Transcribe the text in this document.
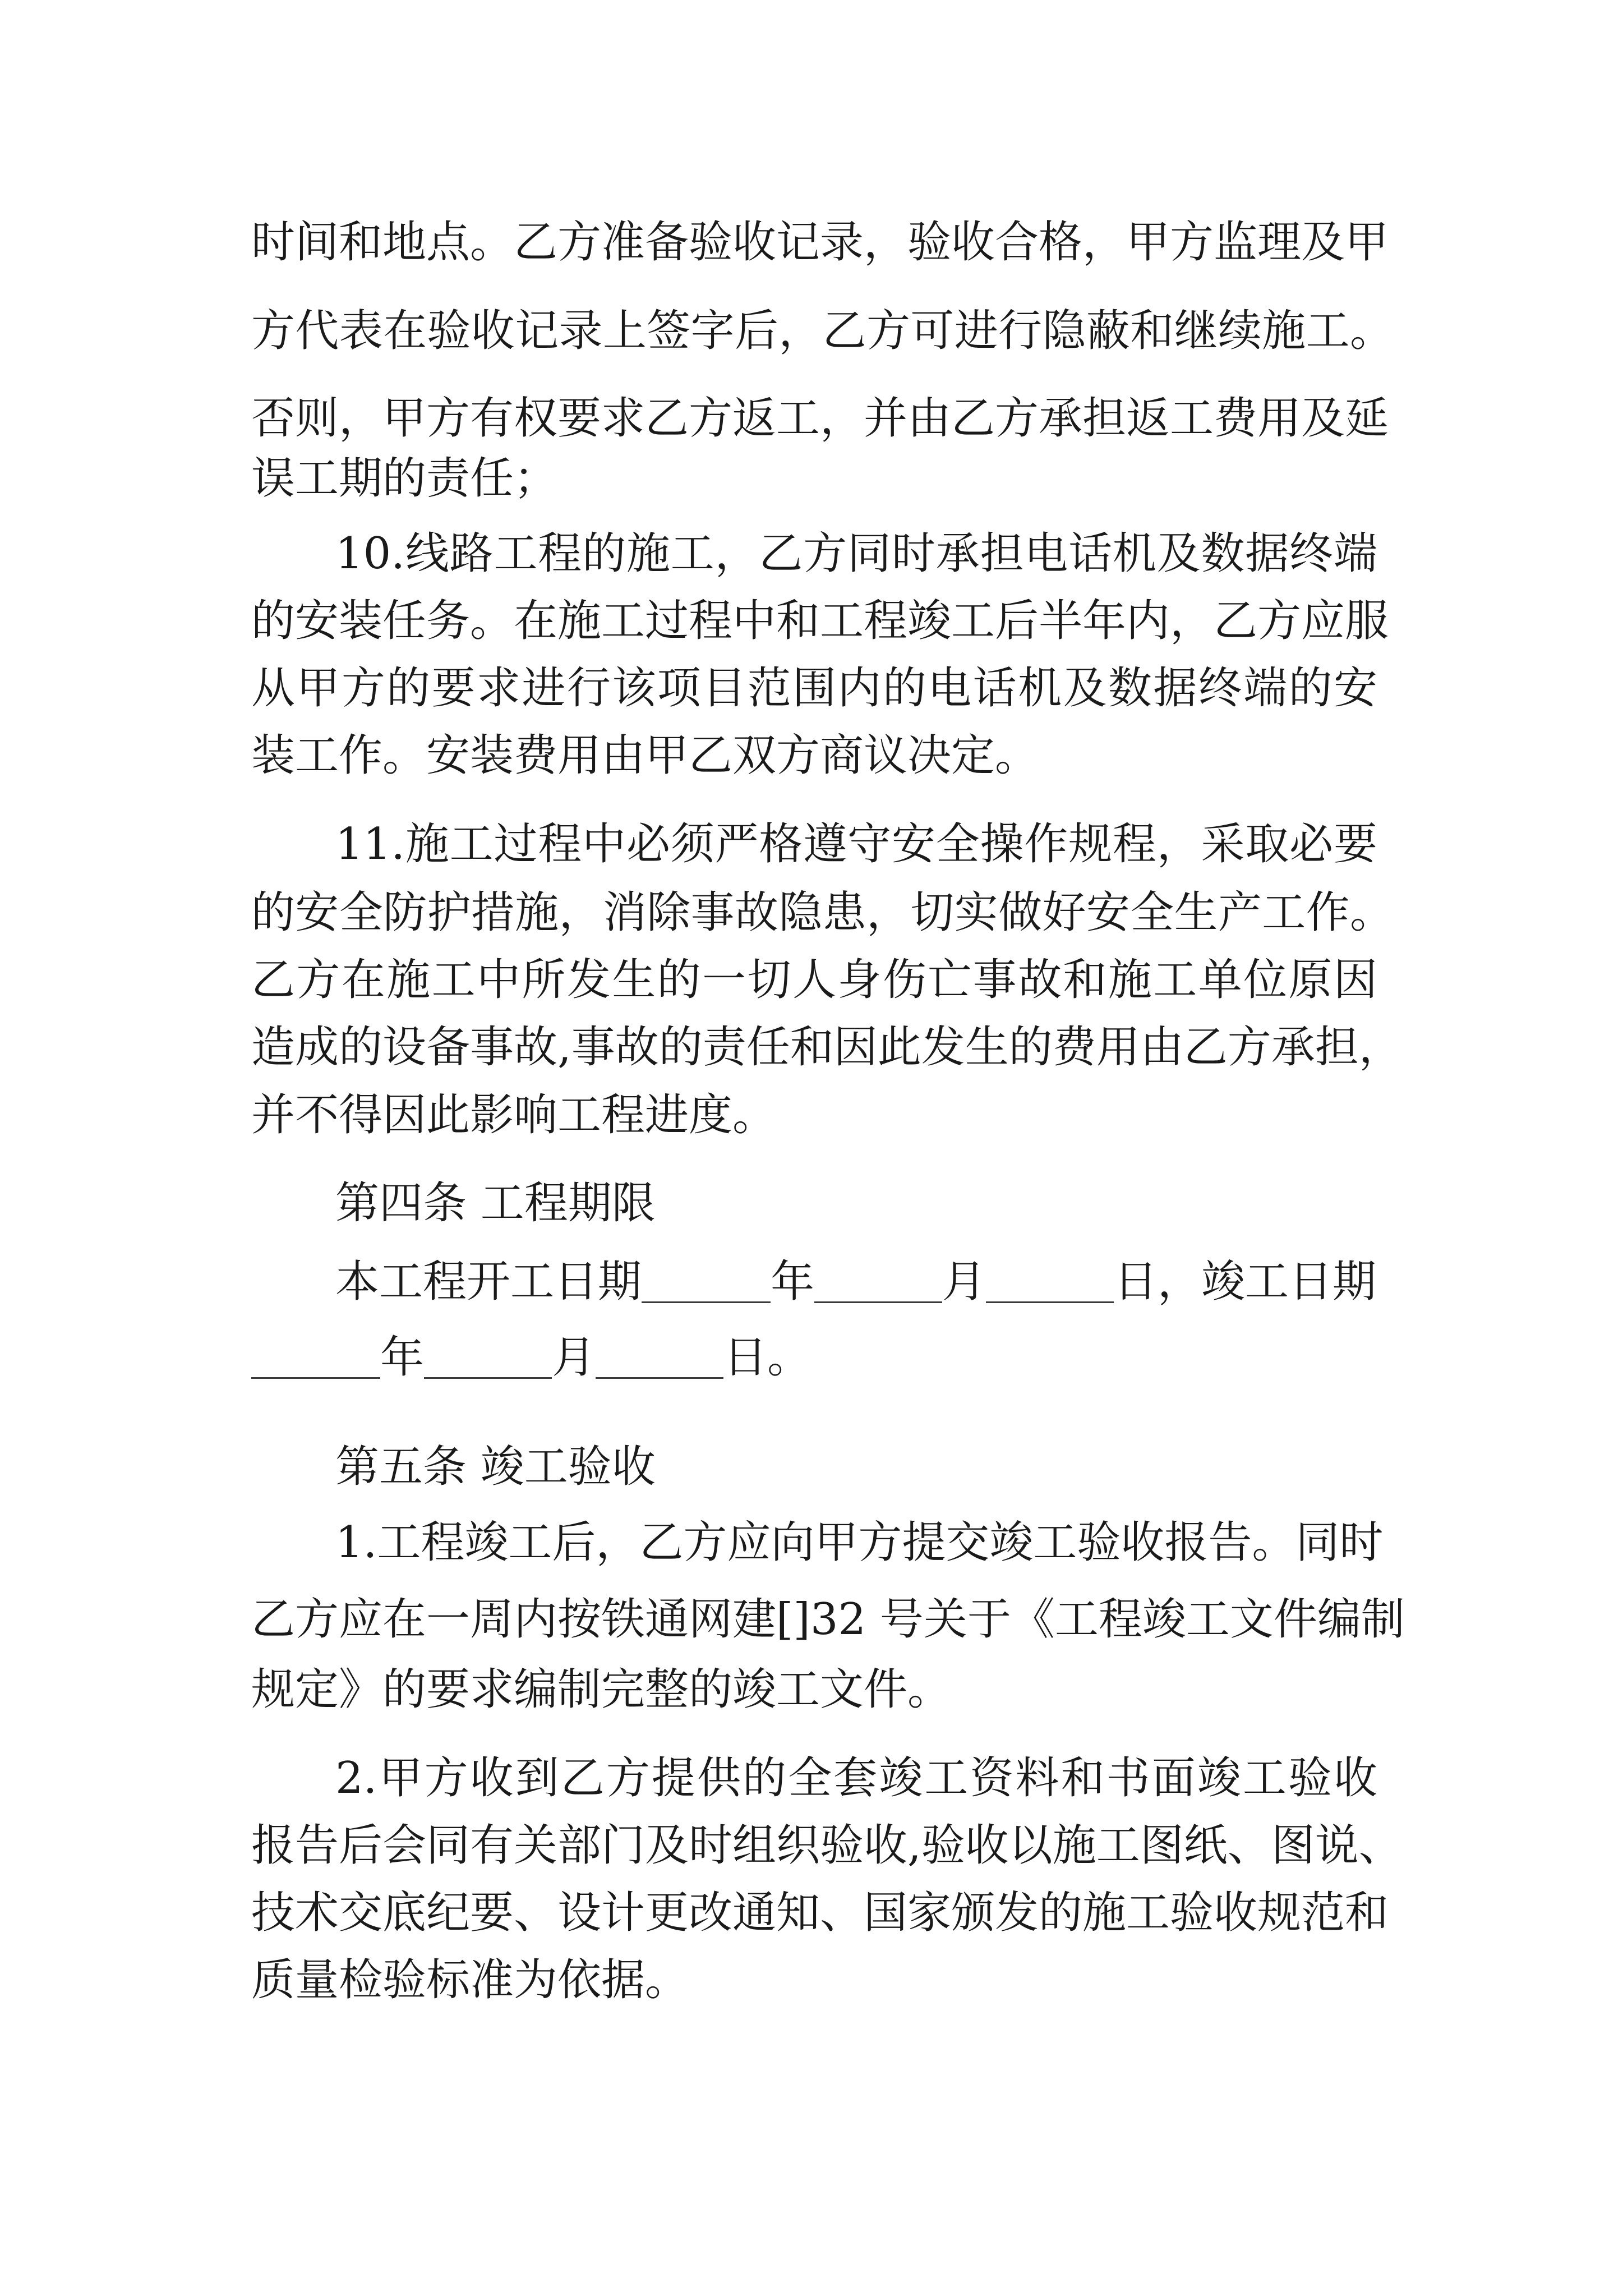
时间和地点。乙方准备验收记录，验收合格，甲方监理及甲

方代表在验收记录上签字后，乙方可进行隐蔽和继续施工。

否则，甲方有权要求乙方返工，并由乙方承担返工费用及延

误工期的责任；

10.线路工程的施工，乙方同时承担电话机及数据终端

的安装任务。在施工过程中和工程竣工后半年内，乙方应服

从甲方的要求进行该项目范围内的电话机及数据终端的安

装工作。安装费用由甲乙双方商议决定。

11.施工过程中必须严格遵守安全操作规程，采取必要

的安全防护措施，消除事故隐患，切实做好安全生产工作。

乙方在施工中所发生的一切人身伤亡事故和施工单位原因

造成的设备事故,事故的责任和因此发生的费用由乙方承担，

并不得因此影响工程进度。

第四条 工程期限

本工程开工日期	年	月	日，竣工日期
年	月	日。

第五条 竣工验收

1.工程竣工后，乙方应向甲方提交竣工验收报告。同时

乙方应在一周内按铁通网建[]32 号关于《工程竣工文件编制

规定》的要求编制完整的竣工文件。

2.甲方收到乙方提供的全套竣工资料和书面竣工验收

报告后会同有关部门及时组织验收,验收以施工图纸、图说、

技术交底纪要、设计更改通知、国家颁发的施工验收规范和

质量检验标准为依据。
